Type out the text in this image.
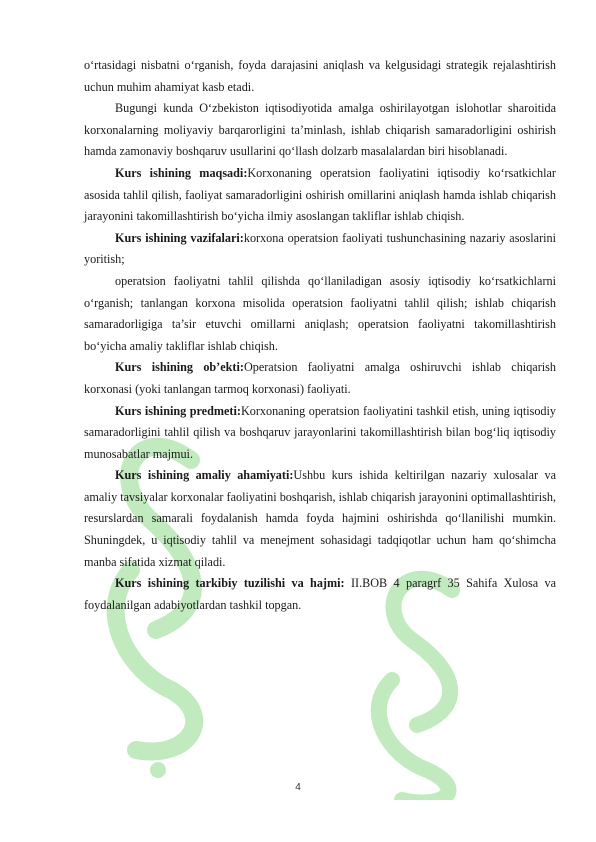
o‘rtasidagi nisbatni o‘rganish, foyda darajasini aniqlash va kelgusidagi strategik rejalashtirish uchun muhim ahamiyat kasb etadi.

Bugungi kunda O‘zbekiston iqtisodiyotida amalga oshirilayotgan islohotlar sharoitida korxonalarning moliyaviy barqarorligini ta’minlash, ishlab chiqarish samaradorligini oshirish hamda zamonaviy boshqaruv usullarini qo‘llash dolzarb masalalardan biri hisoblanadi.

Kurs ishining maqsadi:Korxonaning operatsion faoliyatini iqtisodiy ko‘rsatkichlar asosida tahlil qilish, faoliyat samaradorligini oshirish omillarini aniqlash hamda ishlab chiqarish jarayonini takomillashtirish bo‘yicha ilmiy asoslangan takliflar ishlab chiqish.

Kurs ishining vazifalari:korxona operatsion faoliyati tushunchasining nazariy asoslarini yoritish;

operatsion faoliyatni tahlil qilishda qo‘llaniladigan asosiy iqtisodiy ko‘rsatkichlarni o‘rganish; tanlangan korxona misolida operatsion faoliyatni tahlil qilish; ishlab chiqarish samaradorligiga ta’sir etuvchi omillarni aniqlash; operatsion faoliyatni takomillashtirish bo‘yicha amaliy takliflar ishlab chiqish.

Kurs ishining ob’ekti:Operatsion faoliyatni amalga oshiruvchi ishlab chiqarish korxonasi (yoki tanlangan tarmoq korxonasi) faoliyati.

Kurs ishining predmeti:Korxonaning operatsion faoliyatini tashkil etish, uning iqtisodiy samaradorligini tahlil qilish va boshqaruv jarayonlarini takomillashtirish bilan bog‘liq iqtisodiy munosabatlar majmui.

Kurs ishining amaliy ahamiyati:Ushbu kurs ishida keltirilgan nazariy xulosalar va amaliy tavsiyalar korxonalar faoliyatini boshqarish, ishlab chiqarish jarayonini optimallashtirish, resurslardan samarali foydalanish hamda foyda hajmini oshirishda qo‘llanilishi mumkin. Shuningdek, u iqtisodiy tahlil va menejment sohasidagi tadqiqotlar uchun ham qo‘shimcha manba sifatida xizmat qiladi.

Kurs ishining tarkibiy tuzilishi va hajmi: II.BOB 4 paragrf 35 Sahifa Xulosa va foydalanilgan adabiyotlardan tashkil topgan.

4
